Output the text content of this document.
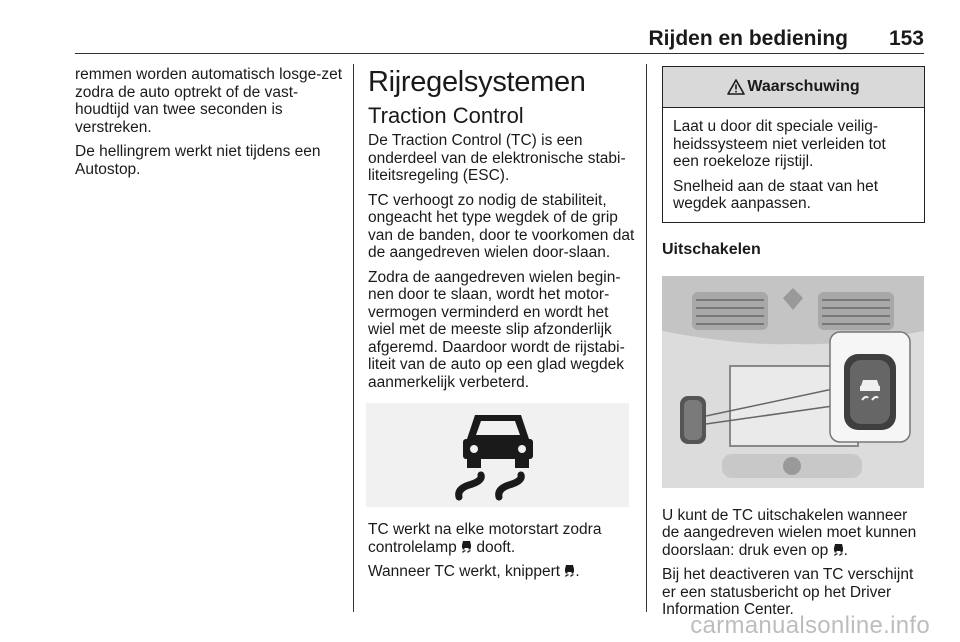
Rijden en bediening 153

remmen worden automatisch losge-zet zodra de auto optrekt of de vast-houdtijd van twee seconden is verstreken.

De hellingrem werkt niet tijdens een Autostop.

Rijregelsystemen
Traction Control

De Traction Control (TC) is een onderdeel van de elektronische stabi-liteitsregeling (ESC).

TC verhoogt zo nodig de stabiliteit, ongeacht het type wegdek of de grip van de banden, door te voorkomen dat de aangedreven wielen door-slaan.

Zodra de aangedreven wielen begin-nen door te slaan, wordt het motor-vermogen verminderd en wordt het wiel met de meeste slip afzonderlijk afgeremd. Daardoor wordt de rijstabi-liteit van de auto op een glad wegdek aanmerkelijk verbeterd.

TC werkt na elke motorstart zodra controlelamp  dooft.

Wanneer TC werkt, knippert .

Waarschuwing

Laat u door dit speciale veilig-heidssysteem niet verleiden tot een roekeloze rijstijl.

Snelheid aan de staat van het wegdek aanpassen.

Uitschakelen

U kunt de TC uitschakelen wanneer de aangedreven wielen moet kunnen doorslaan: druk even op .

Bij het deactiveren van TC verschijnt er een statusbericht op het Driver Information Center.

carmanualsonline.info
